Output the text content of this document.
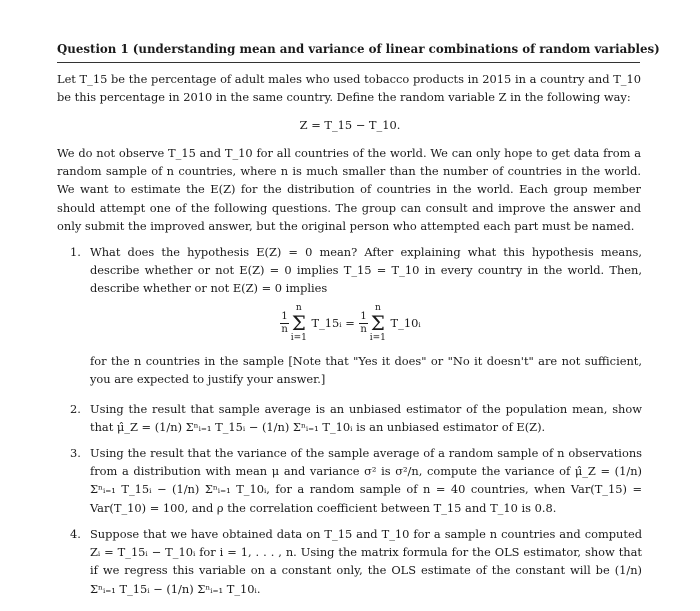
Question 1 (understanding mean and variance of linear combinations of random variables)
Let T_15 be the percentage of adult males who used tobacco products in 2015 in a country and T_10 be this percentage in 2010 in the same country. Define the random variable Z in the following way:
Z = T_15 − T_10.
We do not observe T_15 and T_10 for all countries of the world. We can only hope to get data from a random sample of n countries, where n is much smaller than the number of countries in the world. We want to estimate the E(Z) for the distribution of countries in the world. Each group member should attempt one of the following questions. The group can consult and improve the answer and only submit the improved answer, but the original person who attempted each part must be named.
1. What does the hypothesis E(Z) = 0 mean? After explaining what this hypothesis means, describe whether or not E(Z) = 0 implies T_15 = T_10 in every country in the world. Then, describe whether or not E(Z) = 0 implies
$\frac{1}{n}$
n
Σ
i=1 T_15ᵢ = $\frac{1}{n}$
n
Σ
i=1 T_10ᵢ
for the n countries in the sample [Note that "Yes it does" or "No it doesn't" are not sufficient, you are expected to justify your answer.]
2. Using the result that sample average is an unbiased estimator of the population mean, show that μ̂_Z = (1/n) Σⁿᵢ₌₁ T_15ᵢ − (1/n) Σⁿᵢ₌₁ T_10ᵢ is an unbiased estimator of E(Z).
3. Using the result that the variance of the sample average of a random sample of n observations from a distribution with mean μ and variance σ² is σ²/n, compute the variance of μ̂_Z = (1/n) Σⁿᵢ₌₁ T_15ᵢ − (1/n) Σⁿᵢ₌₁ T_10ᵢ, for a random sample of n = 40 countries, when Var(T_15) = Var(T_10) = 100, and ρ the correlation coefficient between T_15 and T_10 is 0.8.
4. Suppose that we have obtained data on T_15 and T_10 for a sample n countries and computed Zᵢ = T_15ᵢ − T_10ᵢ for i = 1, . . . , n. Using the matrix formula for the OLS estimator, show that if we regress this variable on a constant only, the OLS estimate of the constant will be (1/n) Σⁿᵢ₌₁ T_15ᵢ − (1/n) Σⁿᵢ₌₁ T_10ᵢ.
